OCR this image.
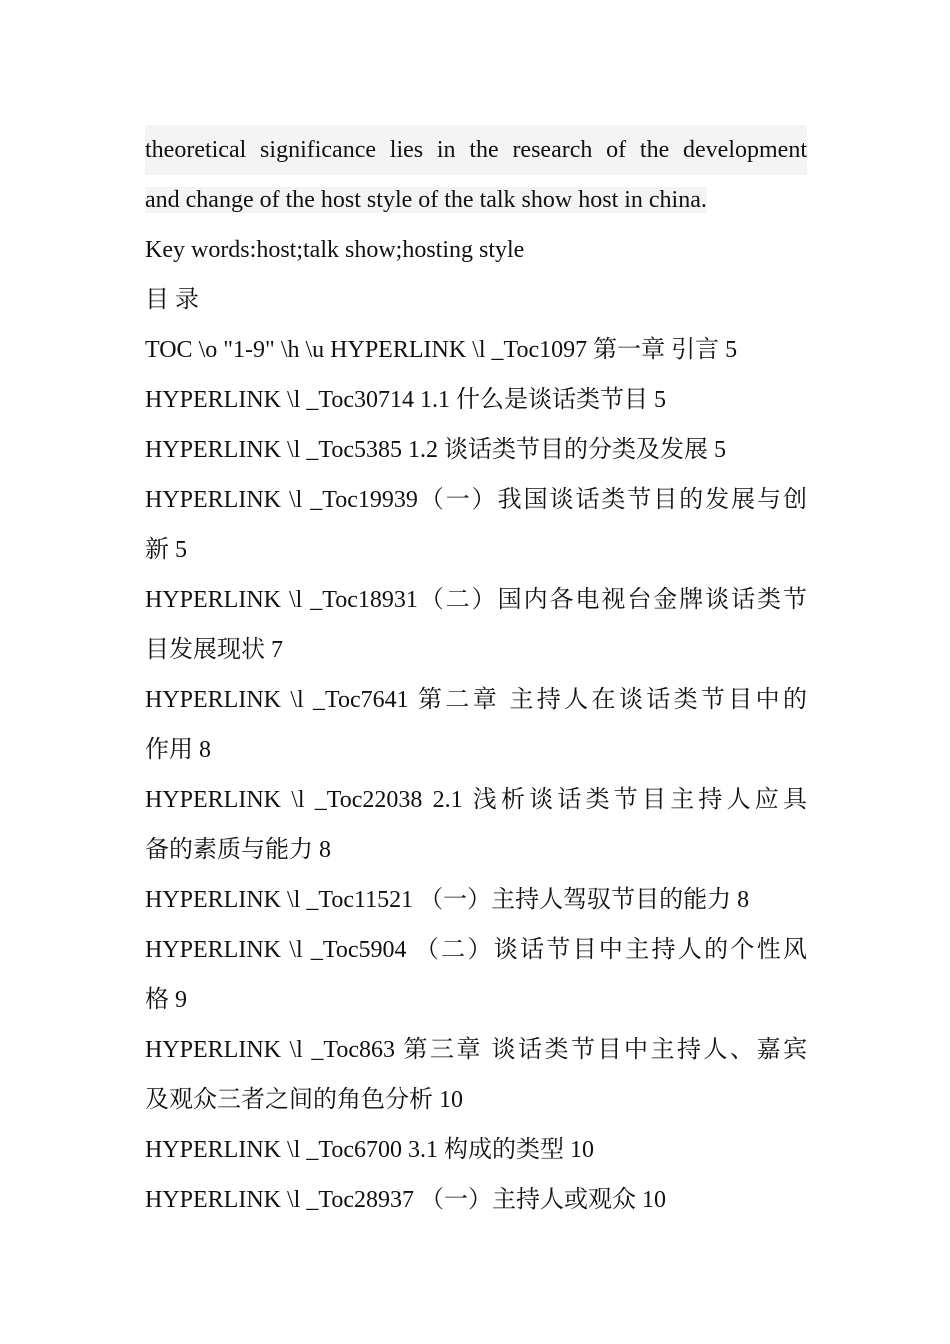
theoretical significance lies in the research of the development
and change of the host style of the talk show host in china.
Key words:host;talk show;hosting style
目 录
TOC \o "1-9" \h \u HYPERLINK \l _Toc1097 第一章 引言 5
HYPERLINK \l _Toc30714 1.1 什么是谈话类节目 5
HYPERLINK \l _Toc5385 1.2 谈话类节目的分类及发展 5
HYPERLINK \l _Toc19939（一）我国谈话类节目的发展与创
新 5
HYPERLINK \l _Toc18931（二）国内各电视台金牌谈话类节
目发展现状 7
HYPERLINK \l _Toc7641 第二章 主持人在谈话类节目中的
作用 8
HYPERLINK \l _Toc22038 2.1 浅析谈话类节目主持人应具
备的素质与能力 8
HYPERLINK \l _Toc11521 （一）主持人驾驭节目的能力 8
HYPERLINK \l _Toc5904 （二）谈话节目中主持人的个性风
格 9
HYPERLINK \l _Toc863 第三章 谈话类节目中主持人、嘉宾
及观众三者之间的角色分析 10
HYPERLINK \l _Toc6700 3.1 构成的类型 10
HYPERLINK \l _Toc28937 （一）主持人或观众 10
